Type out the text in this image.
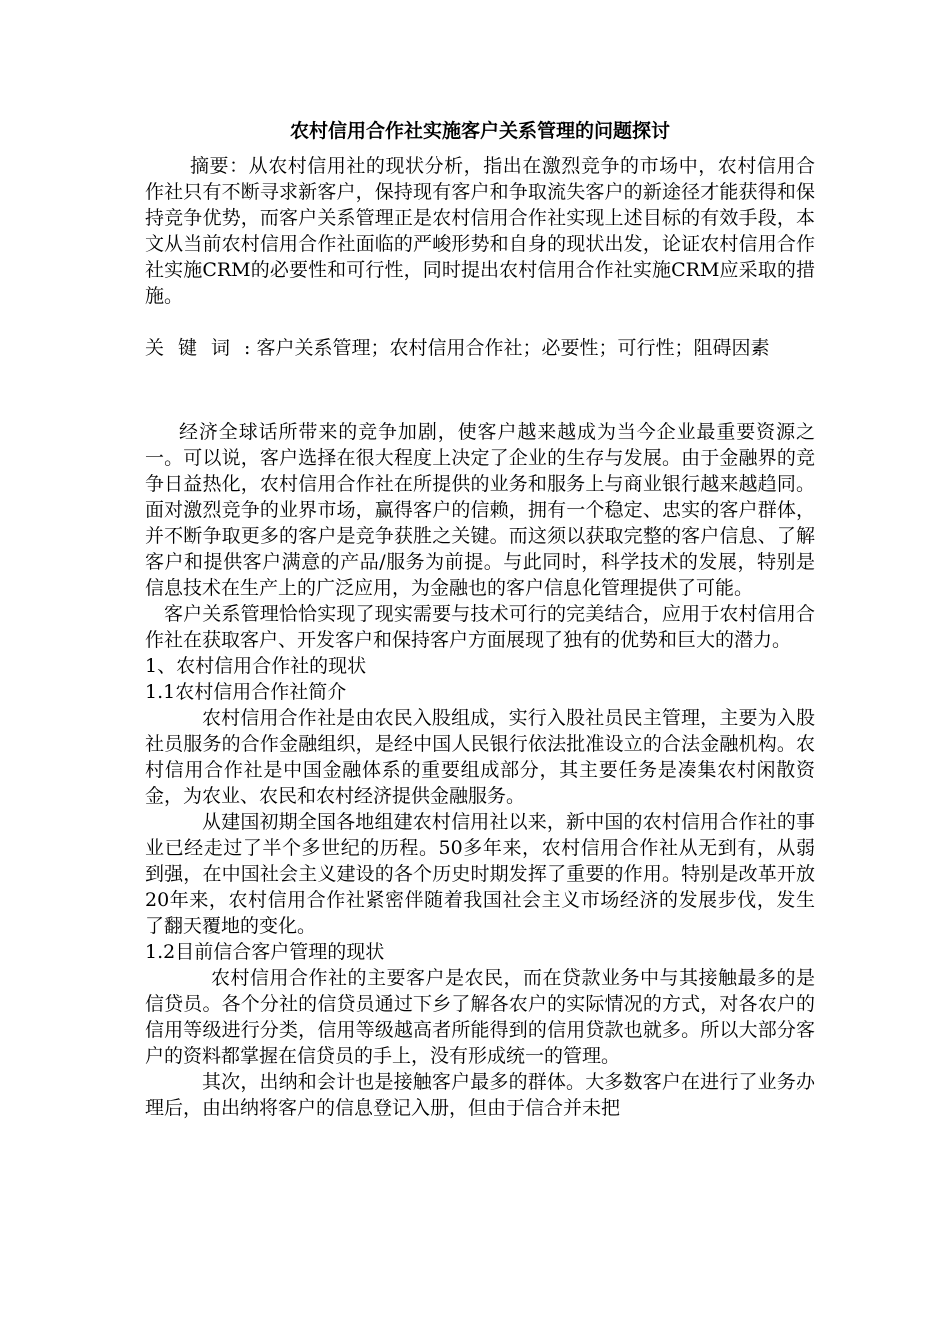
农村信用合作社实施客户关系管理的问题探讨

摘要：从农村信用社的现状分析，指出在激烈竞争的市场中，农村信用合作社只有不断寻求新客户，保持现有客户和争取流失客户的新途径才能获得和保持竞争优势，而客户关系管理正是农村信用合作社实现上述目标的有效手段，本文从当前农村信用合作社面临的严峻形势和自身的现状出发，论证农村信用合作社实施CRM的必要性和可行性，同时提出农村信用合作社实施CRM应采取的措施。

关键词: 客户关系管理；农村信用合作社；必要性；可行性；阻碍因素

经济全球话所带来的竞争加剧，使客户越来越成为当今企业最重要资源之一。可以说，客户选择在很大程度上决定了企业的生存与发展。由于金融界的竞争日益热化，农村信用合作社在所提供的业务和服务上与商业银行越来越趋同。面对激烈竞争的业界市场，赢得客户的信赖，拥有一个稳定、忠实的客户群体，并不断争取更多的客户是竞争获胜之关键。而这须以获取完整的客户信息、了解客户和提供客户满意的产品/服务为前提。与此同时，科学技术的发展，特别是信息技术在生产上的广泛应用，为金融也的客户信息化管理提供了可能。

客户关系管理恰恰实现了现实需要与技术可行的完美结合，应用于农村信用合作社在获取客户、开发客户和保持客户方面展现了独有的优势和巨大的潜力。

1、农村信用合作社的现状

1.1农村信用合作社简介

农村信用合作社是由农民入股组成，实行入股社员民主管理，主要为入股社员服务的合作金融组织，是经中国人民银行依法批准设立的合法金融机构。农村信用合作社是中国金融体系的重要组成部分，其主要任务是凑集农村闲散资金，为农业、农民和农村经济提供金融服务。

从建国初期全国各地组建农村信用社以来，新中国的农村信用合作社的事业已经走过了半个多世纪的历程。50多年来，农村信用合作社从无到有，从弱到强，在中国社会主义建设的各个历史时期发挥了重要的作用。特别是改革开放20年来，农村信用合作社紧密伴随着我国社会主义市场经济的发展步伐，发生了翻天覆地的变化。

1.2目前信合客户管理的现状

农村信用合作社的主要客户是农民，而在贷款业务中与其接触最多的是信贷员。各个分社的信贷员通过下乡了解各农户的实际情况的方式，对各农户的信用等级进行分类，信用等级越高者所能得到的信用贷款也就多。所以大部分客户的资料都掌握在信贷员的手上，没有形成统一的管理。

其次，出纳和会计也是接触客户最多的群体。大多数客户在进行了业务办理后，由出纳将客户的信息登记入册，但由于信合并未把
